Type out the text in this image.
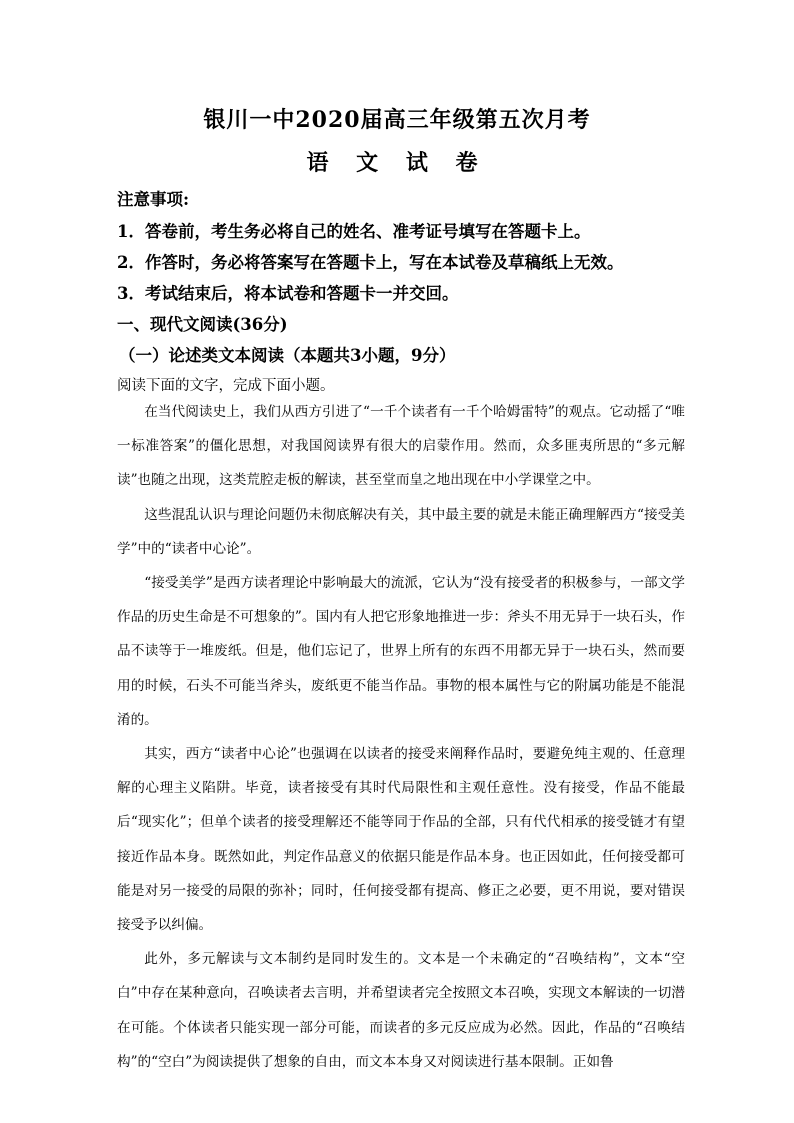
银川一中2020届高三年级第五次月考
语 文 试 卷
注意事项:
1．答卷前，考生务必将自己的姓名、准考证号填写在答题卡上。
2．作答时，务必将答案写在答题卡上，写在本试卷及草稿纸上无效。
3．考试结束后，将本试卷和答题卡一并交回。
一、现代文阅读(36分)
（一）论述类文本阅读（本题共3小题，9分）
阅读下面的文字，完成下面小题。

在当代阅读史上，我们从西方引进了“一千个读者有一千个哈姆雷特”的观点。它动摇了“唯一标准答案”的僵化思想，对我国阅读界有很大的启蒙作用。然而，众多匪夷所思的“多元解读”也随之出现，这类荒腔走板的解读，甚至堂而皇之地出现在中小学课堂之中。

这些混乱认识与理论问题仍未彻底解决有关，其中最主要的就是未能正确理解西方“接受美学”中的“读者中心论”。

“接受美学”是西方读者理论中影响最大的流派，它认为“没有接受者的积极参与，一部文学作品的历史生命是不可想象的”。国内有人把它形象地推进一步：斧头不用无异于一块石头，作品不读等于一堆废纸。但是，他们忘记了，世界上所有的东西不用都无异于一块石头，然而要用的时候，石头不可能当斧头，废纸更不能当作品。事物的根本属性与它的附属功能是不能混淆的。

其实，西方“读者中心论”也强调在以读者的接受来阐释作品时，要避免纯主观的、任意理解的心理主义陷阱。毕竟，读者接受有其时代局限性和主观任意性。没有接受，作品不能最后“现实化”；但单个读者的接受理解还不能等同于作品的全部，只有代代相承的接受链才有望接近作品本身。既然如此，判定作品意义的依据只能是作品本身。也正因如此，任何接受都可能是对另一接受的局限的弥补；同时，任何接受都有提高、修正之必要，更不用说，要对错误接受予以纠偏。

此外，多元解读与文本制约是同时发生的。文本是一个未确定的“召唤结构”，文本“空白”中存在某种意向，召唤读者去言明，并希望读者完全按照文本召唤，实现文本解读的一切潜在可能。个体读者只能实现一部分可能，而读者的多元反应成为必然。因此，作品的“召唤结构”的“空白”为阅读提供了想象的自由，而文本本身又对阅读进行基本限制。正如鲁
